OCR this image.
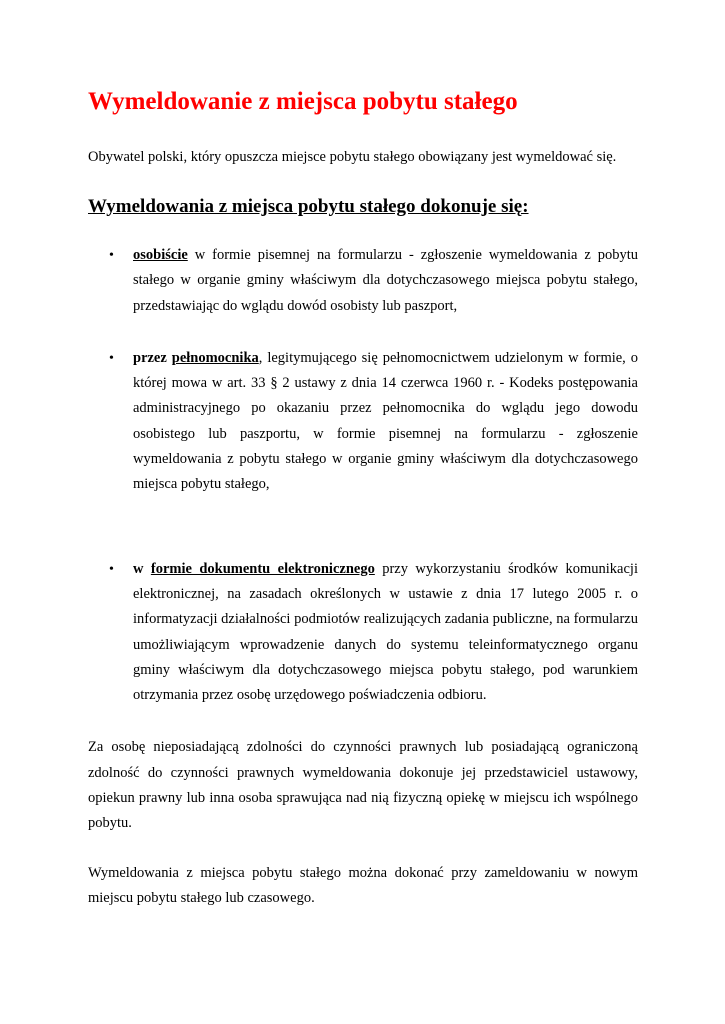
Wymeldowanie z miejsca pobytu stałego

Obywatel polski, który opuszcza miejsce pobytu stałego obowiązany jest wymeldować się.

Wymeldowania z miejsca pobytu stałego dokonuje się:
• osobiście w formie pisemnej na formularzu - zgłoszenie wymeldowania z pobytu stałego w organie gminy właściwym dla dotychczasowego miejsca pobytu stałego, przedstawiając do wglądu dowód osobisty lub paszport,
• przez pełnomocnika, legitymującego się pełnomocnictwem udzielonym w formie, o której mowa w art. 33 § 2 ustawy z dnia 14 czerwca 1960 r. - Kodeks postępowania administracyjnego po okazaniu przez pełnomocnika do wglądu jego dowodu osobistego lub paszportu, w formie pisemnej na formularzu - zgłoszenie wymeldowania z pobytu stałego w organie gminy właściwym dla dotychczasowego miejsca pobytu stałego,
• w formie dokumentu elektronicznego przy wykorzystaniu środków komunikacji elektronicznej, na zasadach określonych w ustawie z dnia 17 lutego 2005 r. o informatyzacji działalności podmiotów realizujących zadania publiczne, na formularzu umożliwiającym wprowadzenie danych do systemu teleinformatycznego organu gminy właściwym dla dotychczasowego miejsca pobytu stałego, pod warunkiem otrzymania przez osobę urzędowego poświadczenia odbioru.

Za osobę nieposiadającą zdolności do czynności prawnych lub posiadającą ograniczoną zdolność do czynności prawnych wymeldowania dokonuje jej przedstawiciel ustawowy, opiekun prawny lub inna osoba sprawująca nad nią fizyczną opiekę w miejscu ich wspólnego pobytu.

Wymeldowania z miejsca pobytu stałego można dokonać przy zameldowaniu w nowym miejscu pobytu stałego lub czasowego.
